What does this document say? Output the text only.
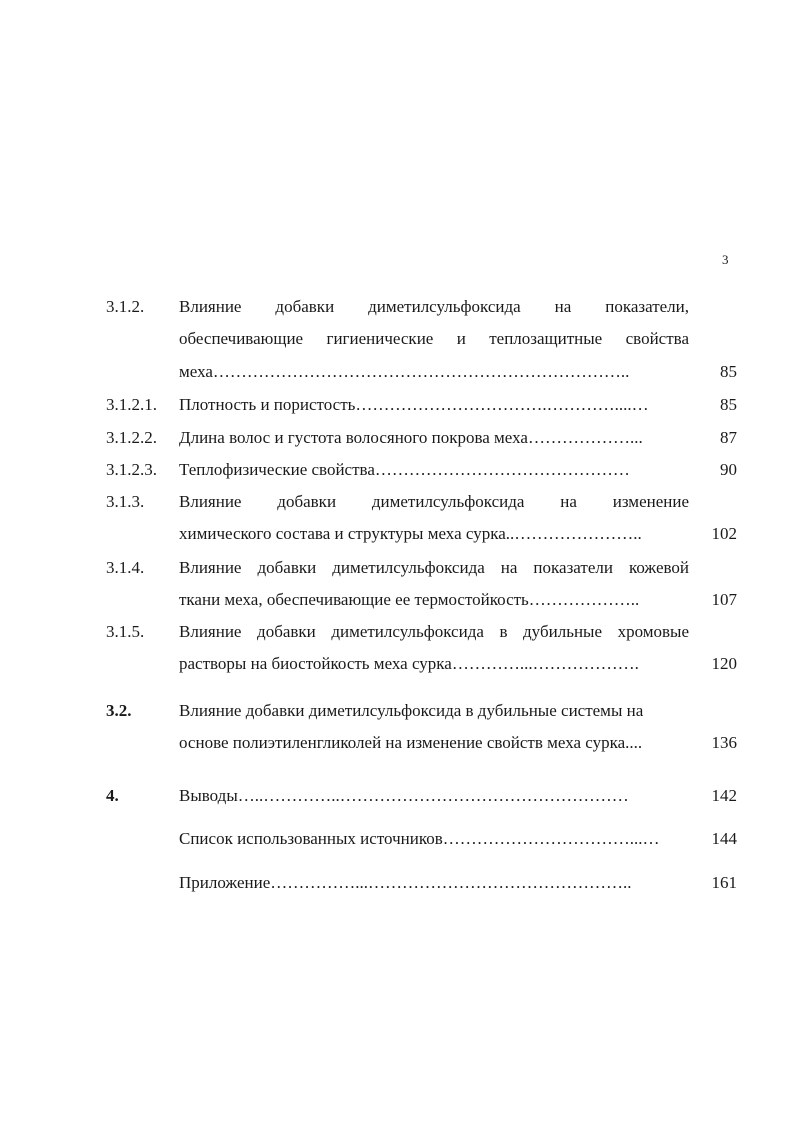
3
3.1.2. Влияние добавки диметилсульфоксида на показатели,
обеспечивающие гигиенические и теплозащитные свойства
меха………………………………………………………………..	85
3.1.2.1. Плотность и пористость…………………………….…………....…	85
3.1.2.2. Длина волос и густота волосяного покрова меха………………...	87
3.1.2.3. Теплофизические свойства………………………………………	90
3.1.3. Влияние добавки диметилсульфоксида на изменение
химического состава и структуры меха сурка..…………………..	102
3.1.4. Влияние добавки диметилсульфоксида на показатели кожевой
ткани меха, обеспечивающие ее термостойкость………………..	107
3.1.5. Влияние добавки диметилсульфоксида в дубильные хромовые
растворы на биостойкость меха сурка…………...……………….	120
3.2.	Влияние добавки диметилсульфоксида в дубильные системы на
основе полиэтиленгликолей на изменение свойств меха сурка....	136
4.	Выводы…..…………..……………………………………………	142
Список использованных источников……………………………...…	144
Приложение……………...………………………………………..	161
